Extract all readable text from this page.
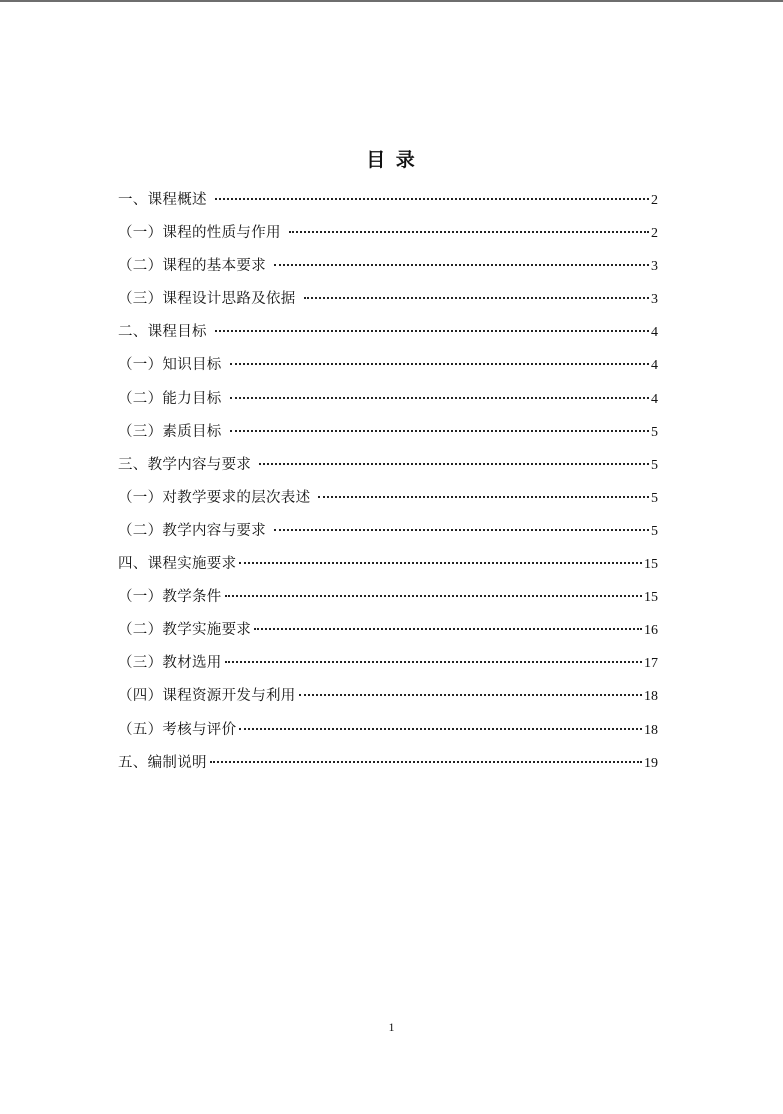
目 录
一、课程概述	2
（一）课程的性质与作用	2
（二）课程的基本要求	3
（三）课程设计思路及依据	3
二、课程目标	4
（一）知识目标	4
（二）能力目标	4
（三）素质目标	5
三、教学内容与要求	5
（一）对教学要求的层次表述	5
（二）教学内容与要求	5
四、课程实施要求	15
（一）教学条件	15
（二）教学实施要求	16
（三）教材选用	17
（四）课程资源开发与利用	18
（五）考核与评价	18
五、编制说明	19
1
